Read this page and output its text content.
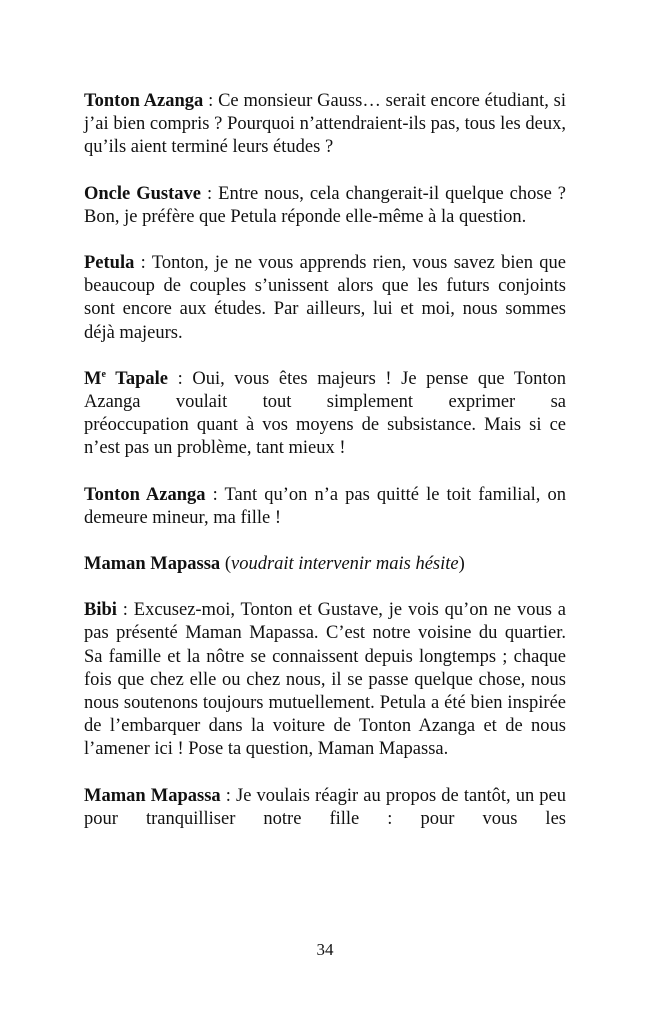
Tonton Azanga : Ce monsieur Gauss… serait encore étudiant, si j’ai bien compris ? Pourquoi n’attendraient-ils pas, tous les deux, qu’ils aient terminé leurs études ?

Oncle Gustave : Entre nous, cela changerait-il quelque chose ? Bon, je préfère que Petula réponde elle-même à la question.

Petula : Tonton, je ne vous apprends rien, vous savez bien que beaucoup de couples s’unissent alors que les futurs conjoints sont encore aux études. Par ailleurs, lui et moi, nous sommes déjà majeurs.

Me Tapale : Oui, vous êtes majeurs ! Je pense que Tonton
Azanga voulait tout simplement exprimer sa
préoccupation quant à vos moyens de subsistance. Mais si ce n’est pas un problème, tant mieux !

Tonton Azanga : Tant qu’on n’a pas quitté le toit familial, on demeure mineur, ma fille !

Maman Mapassa (voudrait intervenir mais hésite)

Bibi : Excusez-moi, Tonton et Gustave, je vois qu’on ne vous a pas présenté Maman Mapassa. C’est notre voisine du quartier. Sa famille et la nôtre se connaissent depuis longtemps ; chaque fois que chez elle ou chez nous, il se passe quelque chose, nous nous soutenons toujours mutuellement. Petula a été bien inspirée de l’embarquer dans la voiture de Tonton Azanga et de nous l’amener ici ! Pose ta question, Maman Mapassa.

Maman Mapassa : Je voulais réagir au propos de tantôt, un peu pour tranquilliser notre fille : pour vous les

34
